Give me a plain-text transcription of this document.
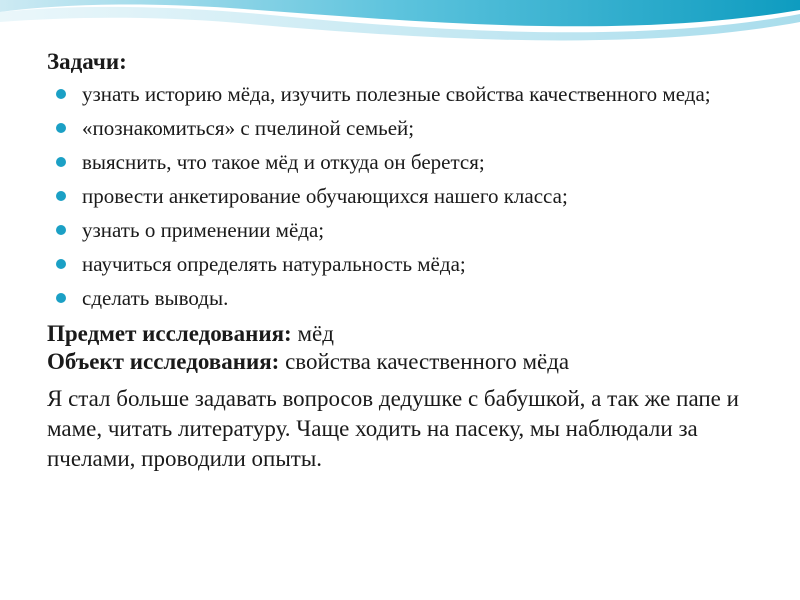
Задачи:
узнать историю мёда, изучить полезные свойства качественного меда;
«познакомиться» с пчелиной семьей;
выяснить, что такое мёд и откуда он берется;
провести анкетирование обучающихся нашего класса;
узнать о применении мёда;
научиться определять натуральность мёда;
сделать выводы.
Предмет исследования: мёд
Объект исследования: свойства качественного мёда
Я стал больше задавать вопросов дедушке с бабушкой, а так же папе и маме, читать литературу. Чаще ходить на пасеку, мы наблюдали за пчелами, проводили опыты.
